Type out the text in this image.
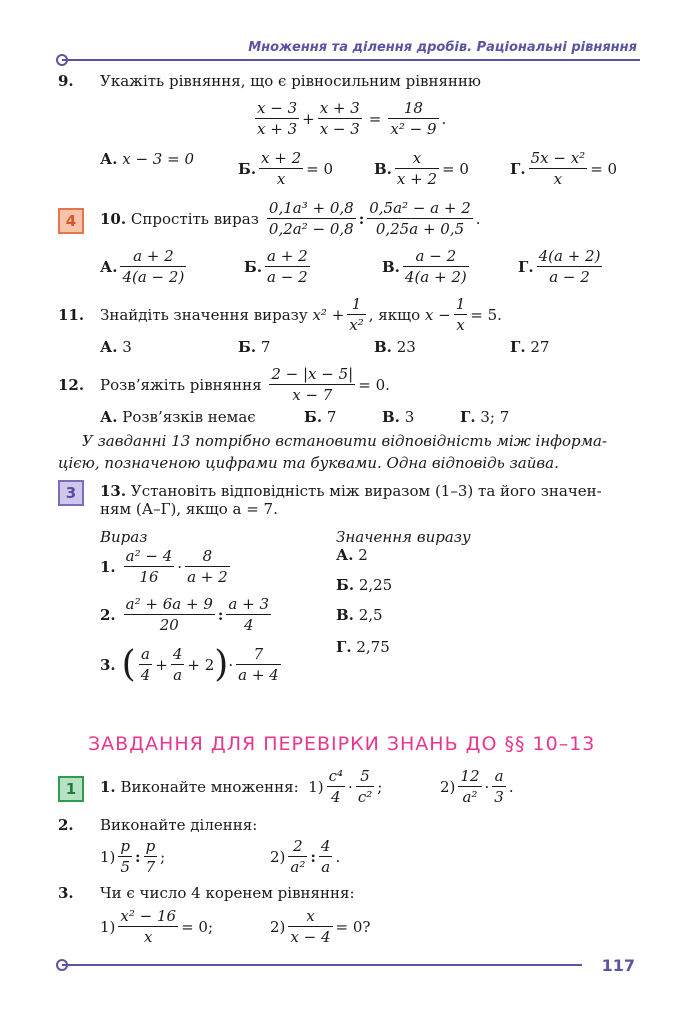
Множення та ділення дробів. Раціональні рівняння
9. Укажіть рівняння, що є рівносильним рівнянню
$\frac{x - 3}{x + 3} + \frac{x + 3}{x - 3} = \frac{18}{\text{x² − 9}}$ .
А.
x − 3 = 0
Б. $\frac{x + 2}{x} = 0$	В. $\frac{x}{x + 2} = 0$	Г. $\frac{\text{5x − x²}}{x} = 0$
4	10.
Спростіть вираз $\frac{\text{0,1a³ + 0,8}}{\text{0,2a² − 0,8}}$ : $\frac{\text{0,5a² − a + 2}}{0,25a + 0,5}$ .
А. $\frac{a + 2}{4(a - 2)}$	Б. $\frac{a + 2}{a - 2}$	В. $\frac{a - 2}{4(a + 2)}$	Г. $\frac{4(a + 2)}{a - 2}$
11. Знайдіть значення виразу
$x^2 + \frac{1}{\text{x²}}$ , якщо
$x - \frac{1}{x} = 5$.
А. 3	Б. 7	В. 23	Г. 27
12. Розв’яжіть рівняння
$\frac{2 - |x - 5|}{x - 7} = 0$.
А. Розв’язків немає	Б. 7	В. 3	Г. 3; 7
У завданні 13 потрібно встановити відповідність між інформа-
цією, позначеною цифрами та буквами. Одна відповідь зайва.
3	13. Установіть відповідність між виразом (1–3) та його значен-
ням (А–Г), якщо a = 7.
Вираз	Значення виразу
1. $\frac{\text{a² − 4}}{16} \cdot \frac{8}{a + 2}$
2. $\frac{\text{a² + 6a + 9}}{20}$ : $\frac{a + 3}{4}$
3. ( $\frac{a}{4} + \frac{4}{a} + 2$ ) · $\frac{7}{a + 4}$
А. 2
Б. 2,25
В. 2,5
Г. 2,75
ЗАВДАННЯ ДЛЯ ПЕРЕВІРКИ ЗНАНЬ ДО §§ 10–13
1	1.
Виконайте множення:
$1) \frac{\text{c⁴}}{4} \cdot \frac{5}{\text{c²}}$ ;	$2) \frac{12}{\text{a²}} \cdot \frac{a}{3}$ .
2. Виконайте ділення:
$1) \frac{p}{5}$ : $\frac{p}{7}$ ;	$2) \frac{2}{\text{a²}}$ : $\frac{4}{a}$ .
3. Чи є число 4 коренем рівняння:
$1) \frac{\text{x² − 16}}{x} = 0$;	$2) \frac{x}{x - 4} = 0$?
117
